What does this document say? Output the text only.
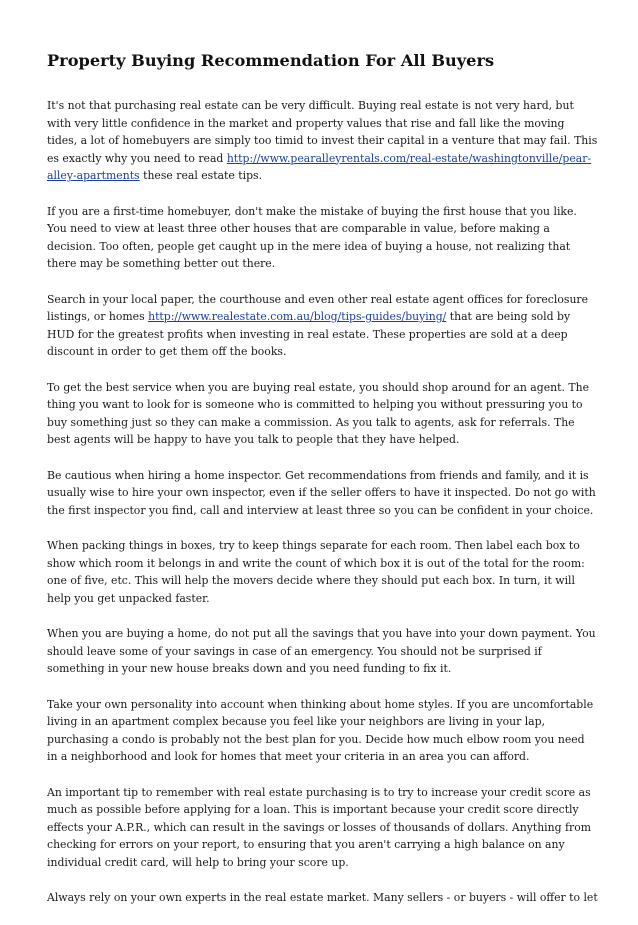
Property Buying Recommendation For All Buyers

It's not that purchasing real estate can be very difficult. Buying real estate is not very hard, but with very little confidence in the market and property values that rise and fall like the moving tides, a lot of homebuyers are simply too timid to invest their capital in a venture that may fail. This es exactly why you need to read http://www.pearalleyrentals.com/real-estate/washingtonville/pear-alley-apartments these real estate tips.

If you are a first-time homebuyer, don't make the mistake of buying the first house that you like. You need to view at least three other houses that are comparable in value, before making a decision. Too often, people get caught up in the mere idea of buying a house, not realizing that there may be something better out there.

Search in your local paper, the courthouse and even other real estate agent offices for foreclosure listings, or homes http://www.realestate.com.au/blog/tips-guides/buying/ that are being sold by HUD for the greatest profits when investing in real estate. These properties are sold at a deep discount in order to get them off the books.

To get the best service when you are buying real estate, you should shop around for an agent. The thing you want to look for is someone who is committed to helping you without pressuring you to buy something just so they can make a commission. As you talk to agents, ask for referrals. The best agents will be happy to have you talk to people that they have helped.

Be cautious when hiring a home inspector. Get recommendations from friends and family, and it is usually wise to hire your own inspector, even if the seller offers to have it inspected. Do not go with the first inspector you find, call and interview at least three so you can be confident in your choice.

When packing things in boxes, try to keep things separate for each room. Then label each box to show which room it belongs in and write the count of which box it is out of the total for the room: one of five, etc. This will help the movers decide where they should put each box. In turn, it will help you get unpacked faster.

When you are buying a home, do not put all the savings that you have into your down payment. You should leave some of your savings in case of an emergency. You should not be surprised if something in your new house breaks down and you need funding to fix it.

Take your own personality into account when thinking about home styles. If you are uncomfortable living in an apartment complex because you feel like your neighbors are living in your lap, purchasing a condo is probably not the best plan for you. Decide how much elbow room you need in a neighborhood and look for homes that meet your criteria in an area you can afford.

An important tip to remember with real estate purchasing is to try to increase your credit score as much as possible before applying for a loan. This is important because your credit score directly effects your A.P.R., which can result in the savings or losses of thousands of dollars. Anything from checking for errors on your report, to ensuring that you aren't carrying a high balance on any individual credit card, will help to bring your score up.

Always rely on your own experts in the real estate market. Many sellers - or buyers - will offer to let
